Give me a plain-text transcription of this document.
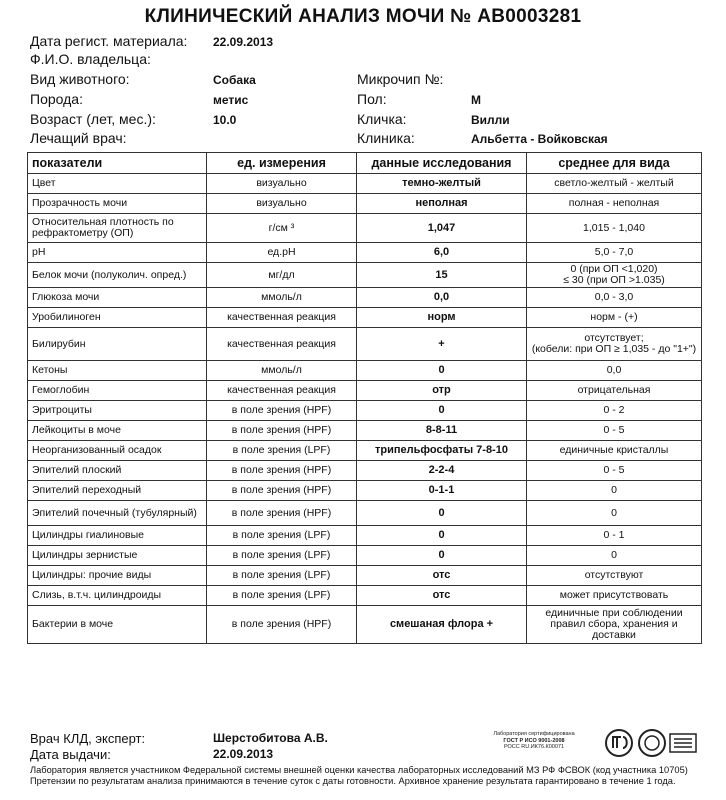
КЛИНИЧЕСКИЙ АНАЛИЗ МОЧИ № АВ0003281
Дата регист. материала: 22.09.2013
Ф.И.О. владельца:
Вид животного:	Собака
Порода:	метис
Возраст (лет, мес.):	10.0
Лечащий врач:
Микрочип №:
Пол:	М
Кличка:	Вилли
Клиника:	Альбетта - Войковская
показатели	ед. измерения	данные исследования	среднее для вида
Цвет	визуально	темно-желтый	светло-желтый - желтый
Прозрачность мочи	визуально	неполная	полная - неполная
Относительная плотность по рефрактометру (ОП)	г/см ³	1,047	1,015 - 1,040
pH	ед.pH	6,0	5,0 - 7,0
Белок мочи (полуколич. опред.)	мг/дл	15	0 (при ОП <1,020)
≤ 30 (при ОП >1.035)
Глюкоза мочи	ммоль/л	0,0	0,0 - 3,0
Уробилиноген	качественная реакция	норм	норм - (+)
Билирубин	качественная реакция	+	отсутствует;
(кобели: при ОП ≥ 1,035 - до "1+")
Кетоны	ммоль/л	0	0,0
Гемоглобин	качественная реакция	отр	отрицательная
Эритроциты	в поле зрения (HPF)	0	0 - 2
Лейкоциты в моче	в поле зрения (HPF)	8-8-11	0 - 5
Неорганизованный осадок	в поле зрения (LPF)	трипельфосфаты 7-8-10	единичные кристаллы
Эпителий плоский	в поле зрения (HPF)	2-2-4	0 - 5
Эпителий переходный	в поле зрения (HPF)	0-1-1	0
Эпителий почечный (тубулярный)	в поле зрения (HPF)	0	0
Цилиндры гиалиновые	в поле зрения (LPF)	0	0 - 1
Цилиндры зернистые	в поле зрения (LPF)	0	0
Цилиндры: прочие виды	в поле зрения (LPF)	отс	отсутствуют
Слизь, в.т.ч. цилиндроиды	в поле зрения (LPF)	отс	может присутствовать
Бактерии в моче	в поле зрения (HPF)	смешаная флора +	единичные при соблюдении правил сбора, хранения и доставки
Врач КЛД, эксперт:	Шерстобитова А.В.
Дата выдачи:	22.09.2013
Лаборатория сертифицирована
ГОСТ Р ИСО 9001-2008
РОСС RU.ИК76.К00071
Лаборатория является участником Федеральной системы внешней оценки качества лабораторных исследований МЗ РФ ФСВОК (код участника 10705) Претензии по результатам анализа принимаются в течение суток с даты готовности. Архивное хранение результата гарантировано в течение 1 года.
